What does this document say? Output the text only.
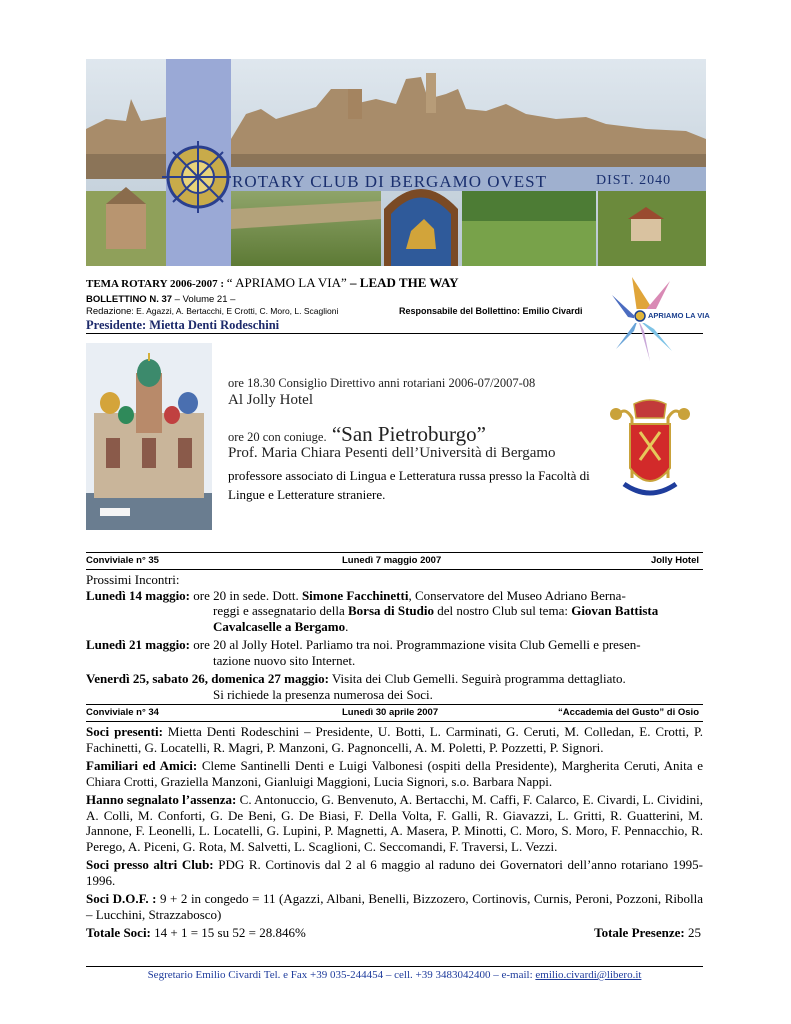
ROTARY CLUB DI BERGAMO OVEST	DIST. 2040
TEMA ROTARY 2006-2007 : “ APRIAMO LA VIA” – LEAD THE WAY
BOLLETTINO N. 37 – Volume 21 –
Redazione: E. Agazzi, A. Bertacchi, E Crotti, C. Moro, L. Scaglioni	Responsabile del Bollettino: Emilio Civardi
Presidente: Mietta Denti Rodeschini
APRIAMO LA VIA
ore 18.30 Consiglio Direttivo anni rotariani 2006-07/2007-08
Al Jolly Hotel
ore 20 con coniuge. “San Pietroburgo”
Prof. Maria Chiara Pesenti dell’Università di Bergamo
professore associato di Lingua e Letteratura russa presso la Facoltà di Lingue e Letterature straniere.
Conviviale n° 35	Lunedì 7 maggio 2007	Jolly Hotel
Prossimi Incontri:
Lunedì 14 maggio: ore 20 in sede. Dott. Simone Facchinetti, Conservatore del Museo Adriano Berna-
reggi e assegnatario della Borsa di Studio del nostro Club sul tema: Giovan Battista
Cavalcaselle a Bergamo.
Lunedì 21 maggio: ore 20 al Jolly Hotel. Parliamo tra noi. Programmazione visita Club Gemelli e presen-
tazione nuovo sito Internet.
Venerdì 25, sabato 26, domenica 27 maggio: Visita dei Club Gemelli. Seguirà programma dettagliato.
Si richiede la presenza numerosa dei Soci.
Conviviale n° 34	Lunedì 30 aprile 2007	“Accademia del Gusto” di Osio

Soci presenti: Mietta Denti Rodeschini – Presidente, U. Botti, L. Carminati, G. Ceruti, M. Colledan, E. Crotti, P. Fachinetti, G. Locatelli, R. Magri, P. Manzoni, G. Pagnoncelli, A. M. Poletti, P. Pozzetti, P. Signori.

Familiari ed Amici: Cleme Santinelli Denti e Luigi Valbonesi (ospiti della Presidente), Margherita Ceruti, Anita e Chiara Crotti, Graziella Manzoni, Gianluigi Maggioni, Lucia Signori, s.o. Barbara Nappi.

Hanno segnalato l’assenza: C. Antonuccio, G. Benvenuto, A. Bertacchi, M. Caffi, F. Calarco, E. Civardi, L. Cividini, A. Colli, M. Conforti, G. De Beni, G. De Biasi, F. Della Volta, F. Galli, R. Giavazzi, L. Gritti, R. Guatterini, M. Jannone, F. Leonelli, L. Locatelli, G. Lupini, P. Magnetti, A. Masera, P. Minotti, C. Moro, S. Moro, F. Pennacchio, R. Perego, A. Piceni, G. Rota, M. Salvetti, L. Scaglioni, C. Seccomandi, F. Traversi, L. Vezzi.

Soci presso altri Club: PDG R. Cortinovis dal 2 al 6 maggio al raduno dei Governatori dell’anno rotariano 1995-1996.

Soci D.O.F. : 9 + 2 in congedo = 11 (Agazzi, Albani, Benelli, Bizzozero, Cortinovis, Curnis, Peroni, Pozzoni, Ribolla – Lucchini, Strazzabosco)

Totale Soci: 14 + 1 = 15 su 52 = 28.846%	Totale Presenze: 25
Segretario Emilio Civardi Tel. e Fax +39 035-244454 – cell. +39 3483042400 – e-mail: emilio.civardi@libero.it
